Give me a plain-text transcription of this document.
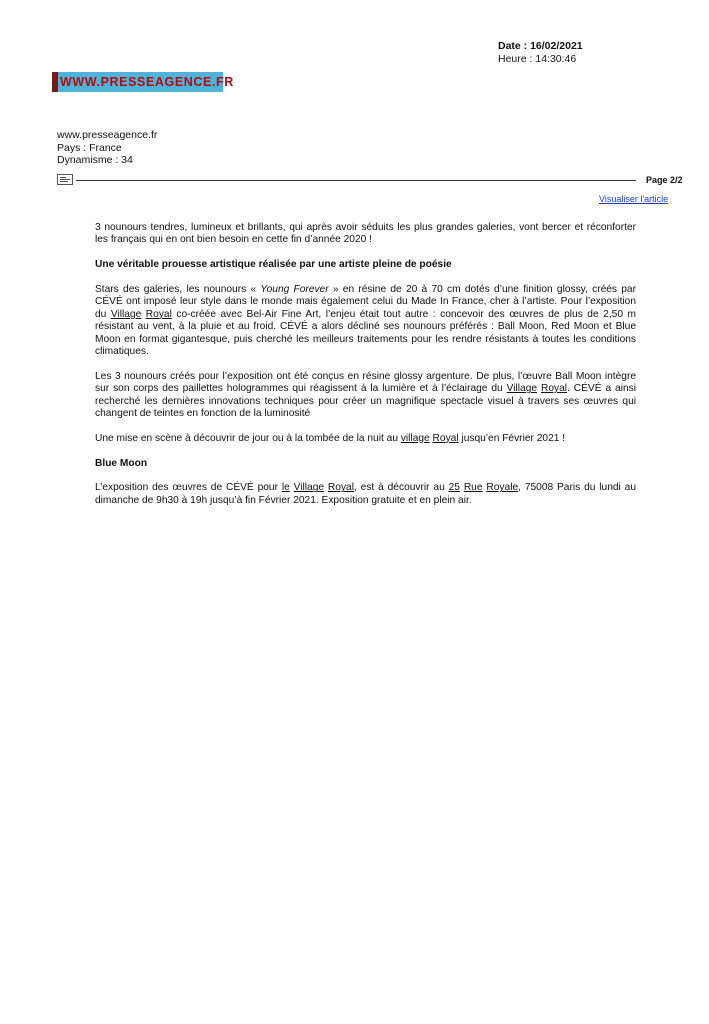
Date : 16/02/2021
Heure : 14:30:46
WWW.PRESSEAGENCE.FR
www.presseagence.fr
Pays : France
Dynamisme : 34
Page 2/2
Visualiser l'article

3 nounours tendres, lumineux et brillants, qui après avoir séduits les plus grandes galeries, vont bercer et réconforter les français qui en ont bien besoin en cette fin d’année 2020 !

Une véritable prouesse artistique réalisée par une artiste pleine de poésie

Stars des galeries, les nounours « Young Forever » en résine de 20 à 70 cm dotés d’une finition glossy, créés par CÉVÉ ont imposé leur style dans le monde mais également celui du Made In France, cher à l’artiste. Pour l’exposition du Village Royal co-créée avec Bel-Air Fine Art, l’enjeu était tout autre : concevoir des œuvres de plus de 2,50 m résistant au vent, à la pluie et au froid. CÉVÉ a alors décliné ses nounours préférés : Ball Moon, Red Moon et Blue Moon en format gigantesque, puis cherché les meilleurs traitements pour les rendre résistants à toutes les conditions climatiques.

Les 3 nounours créés pour l’exposition ont été conçus en résine glossy argenture. De plus, l’œuvre Ball Moon intègre sur son corps des paillettes hologrammes qui réagissent à la lumière et à l’éclairage du Village Royal. CÉVÉ a ainsi recherché les dernières innovations techniques pour créer un magnifique spectacle visuel à travers ses œuvres qui changent de teintes en fonction de la luminosité

Une mise en scène à découvrir de jour ou à la tombée de la nuit au village Royal jusqu’en Février 2021 !

Blue Moon

L’exposition des œuvres de CÉVÉ pour le Village Royal, est à découvrir au 25 Rue Royale, 75008 Paris du lundi au dimanche de 9h30 à 19h jusqu’à fin Février 2021. Exposition gratuite et en plein air.
